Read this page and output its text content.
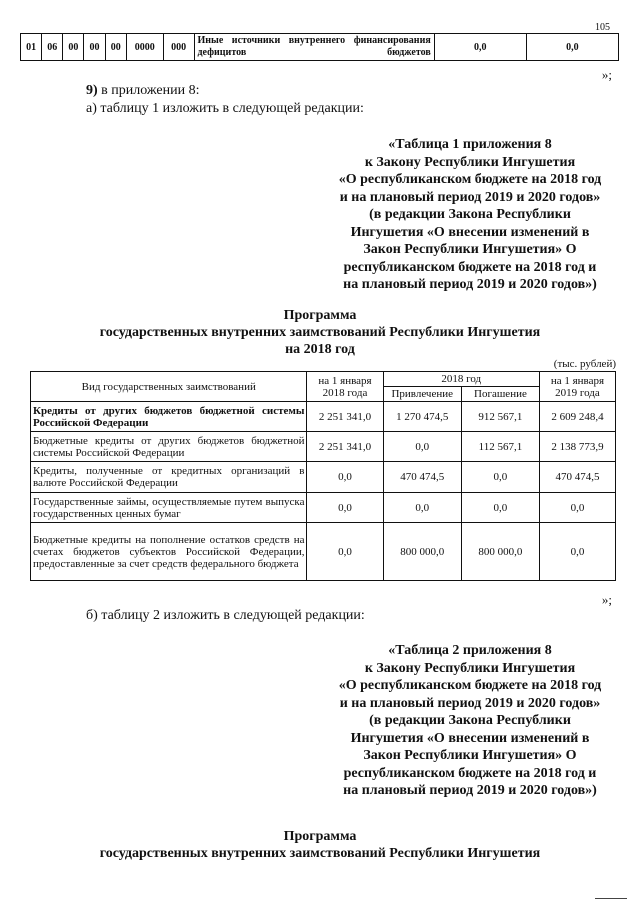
105
01	06	00	00	00	0000	000	Иные источники внутреннего финансирования дефицитов бюджетов	0,0	0,0
»;
9) в приложении 8:
а) таблицу 1 изложить в следующей редакции:
«Таблица 1 приложения 8
к Закону Республики Ингушетия
«О республиканском бюджете на 2018 год
и на плановый период 2019 и 2020 годов»
(в редакции Закона Республики
Ингушетия «О внесении изменений в
Закон Республики Ингушетия» О
республиканском бюджете на 2018 год и
на плановый период 2019 и 2020 годов»)
Программа
государственных внутренних заимствований Республики Ингушетия
на 2018 год
(тыс. рублей)
Вид государственных заимствований	на 1 января 2018 года	2018 год		на 1 января 2019 года
		Привлечение	Погашение	
Кредиты от других бюджетов бюджетной системы Российской Федерации	2 251 341,0	1 270 474,5	912 567,1	2 609 248,4
Бюджетные кредиты от других бюджетов бюджетной системы Российской Федерации	2 251 341,0	0,0	112 567,1	2 138 773,9
Кредиты, полученные от кредитных организаций в валюте Российской Федерации	0,0	470 474,5	0,0	470 474,5
Государственные займы, осуществляемые путем выпуска государственных ценных бумаг	0,0	0,0	0,0	0,0
Бюджетные кредиты на пополнение остатков средств на счетах бюджетов субъектов Российской Федерации, предоставленные за счет средств федерального бюджета	0,0	800 000,0	800 000,0	0,0
»;
б) таблицу 2 изложить в следующей редакции:
«Таблица 2 приложения 8
к Закону Республики Ингушетия
«О республиканском бюджете на 2018 год
и на плановый период 2019 и 2020 годов»
(в редакции Закона Республики
Ингушетия «О внесении изменений в
Закон Республики Ингушетия» О
республиканском бюджете на 2018 год и
на плановый период 2019 и 2020 годов»)
Программа
государственных внутренних заимствований Республики Ингушетия
